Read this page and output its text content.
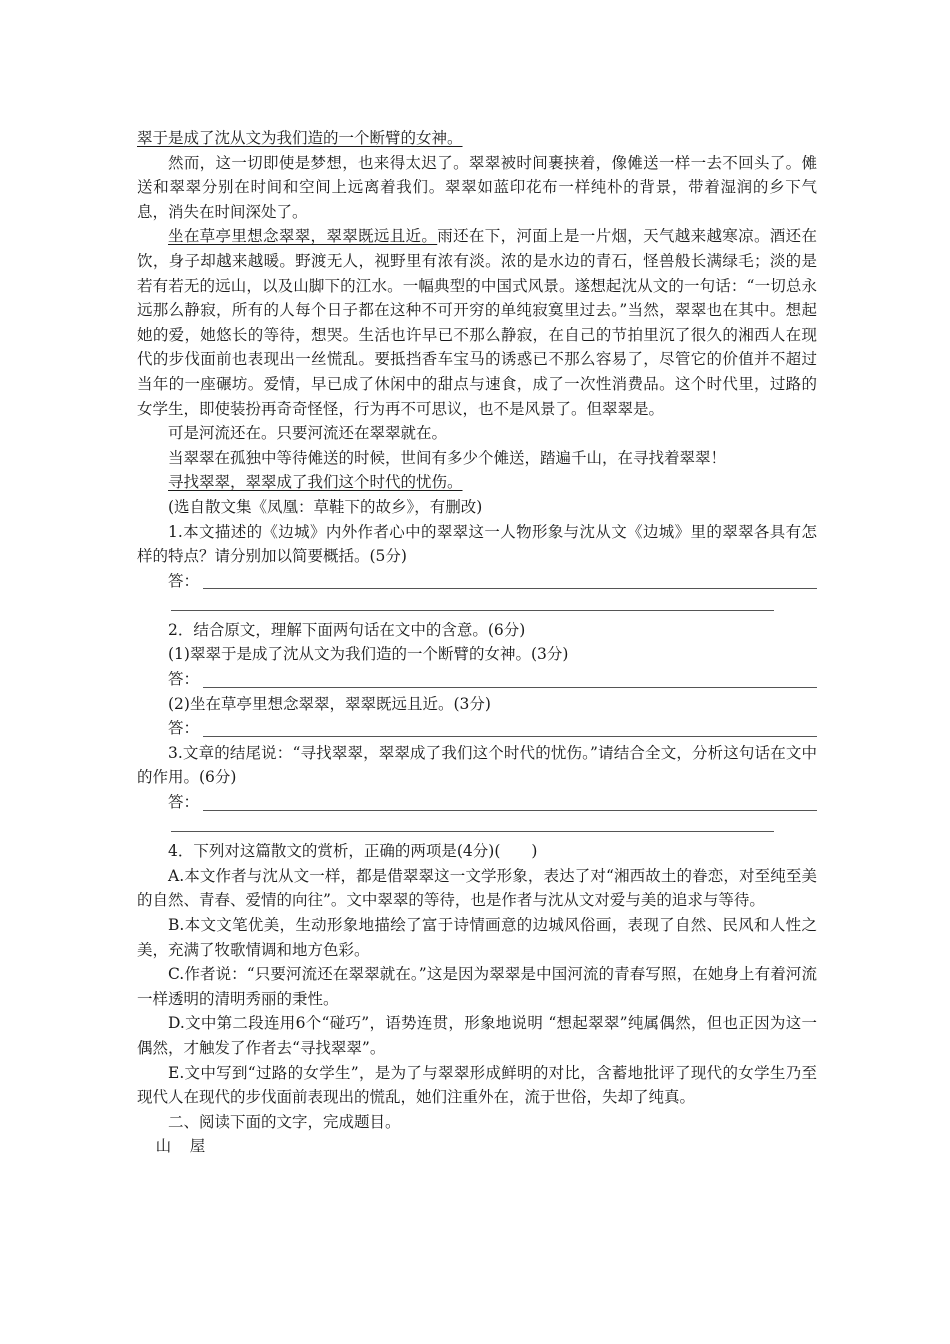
翠于是成了沈从文为我们造的一个断臂的女神。

然而，这一切即使是梦想，也来得太迟了。翠翠被时间裹挟着，像傩送一样一去不回头了。傩送和翠翠分别在时间和空间上远离着我们。翠翠如蓝印花布一样纯朴的背景，带着湿润的乡下气息，消失在时间深处了。

坐在草亭里想念翠翠，翠翠既远且近。雨还在下，河面上是一片烟，天气越来越寒凉。酒还在饮，身子却越来越暖。野渡无人，视野里有浓有淡。浓的是水边的青石，怪兽般长满绿毛；淡的是若有若无的远山，以及山脚下的江水。一幅典型的中国式风景。遂想起沈从文的一句话：“一切总永远那么静寂，所有的人每个日子都在这种不可开穷的单纯寂寞里过去。”当然，翠翠也在其中。想起她的爱，她悠长的等待，想哭。生活也许早已不那么静寂，在自己的节拍里沉了很久的湘西人在现代的步伐面前也表现出一丝慌乱。要抵挡香车宝马的诱惑已不那么容易了，尽管它的价值并不超过当年的一座碾坊。爱情，早已成了休闲中的甜点与速食，成了一次性消费品。这个时代里，过路的女学生，即使装扮再奇奇怪怪，行为再不可思议，也不是风景了。但翠翠是。

可是河流还在。只要河流还在翠翠就在。

当翠翠在孤独中等待傩送的时候，世间有多少个傩送，踏遍千山，在寻找着翠翠！

寻找翠翠，翠翠成了我们这个时代的忧伤。

(选自散文集《凤凰：草鞋下的故乡》，有删改)

1.本文描述的《边城》内外作者心中的翠翠这一人物形象与沈从文《边城》里的翠翠各具有怎样的特点？请分别加以简要概括。(5分)

答：

2．结合原文，理解下面两句话在文中的含意。(6分)

(1)翠翠于是成了沈从文为我们造的一个断臂的女神。(3分)

答：

(2)坐在草亭里想念翠翠，翠翠既远且近。(3分)

答：

3.文章的结尾说：“寻找翠翠，翠翠成了我们这个时代的忧伤。”请结合全文，分析这句话在文中的作用。(6分)

答：

4．下列对这篇散文的赏析，正确的两项是(4分)(　　)

A.本文作者与沈从文一样，都是借翠翠这一文学形象，表达了对“湘西故土的眷恋，对至纯至美的自然、青春、爱情的向往”。文中翠翠的等待，也是作者与沈从文对爱与美的追求与等待。

B.本文文笔优美，生动形象地描绘了富于诗情画意的边城风俗画，表现了自然、民风和人性之美，充满了牧歌情调和地方色彩。

C.作者说：“只要河流还在翠翠就在。”这是因为翠翠是中国河流的青春写照，在她身上有着河流一样透明的清明秀丽的秉性。

D.文中第二段连用6个“碰巧”，语势连贯，形象地说明 “想起翠翠”纯属偶然，但也正因为这一偶然，才触发了作者去“寻找翠翠”。

E.文中写到“过路的女学生”，是为了与翠翠形成鲜明的对比，含蓄地批评了现代的女学生乃至现代人在现代的步伐面前表现出的慌乱，她们注重外在，流于世俗，失却了纯真。

二、阅读下面的文字，完成题目。

山屋
